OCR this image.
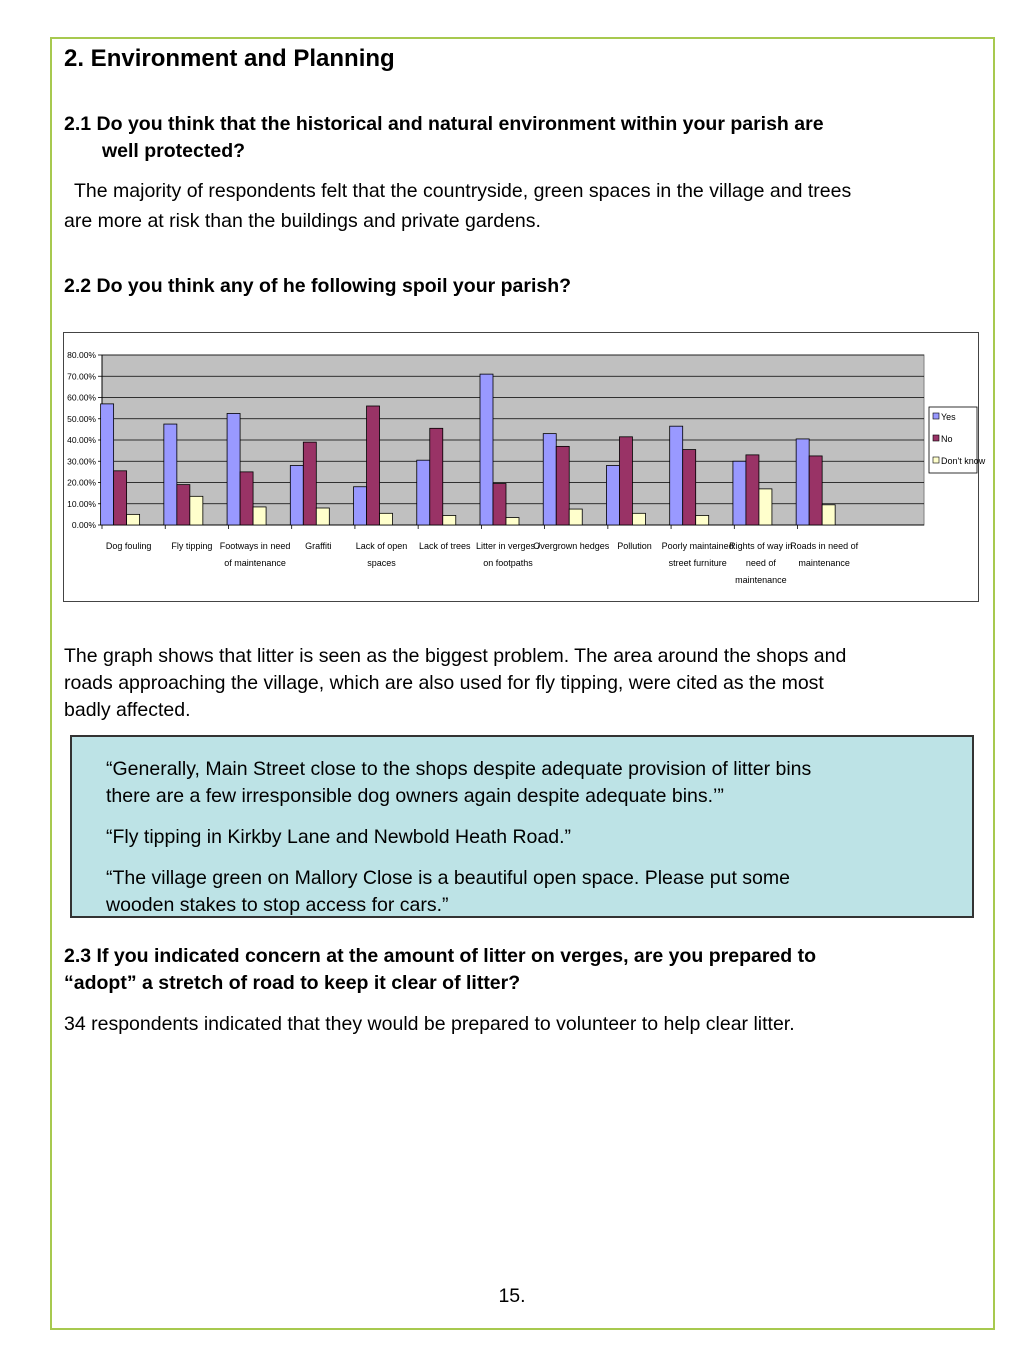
2. Environment and Planning
2.1 Do you think that the historical and natural environment within your parish are
well protected?
The majority of respondents felt that the countryside, green spaces in the village and trees
are more at risk than the buildings and private gardens.
2.2 Do you think any of he following spoil your parish?
0.00%
10.00%
20.00%
30.00%
40.00%
50.00%
60.00%
70.00%
80.00%
Dog fouling Fly tipping Footways in need
of maintenance
Graffiti	Lack of open
spaces
Lack of trees Litter in verges /
on footpaths
Overgrown hedges Pollution Poorly maintained
street furniture
Rights of way in
need of
maintenance
Roads in need of
maintenance
Yes
No
Don't know
The graph shows that litter is seen as the biggest problem. The area around the shops and
roads approaching the village, which are also used for fly tipping, were cited as the most
badly affected.
“Generally, Main Street close to the shops despite adequate provision of litter bins
there are a few irresponsible dog owners again despite adequate bins.’”
“Fly tipping in Kirkby Lane and Newbold Heath Road.”
“The village green on Mallory Close is a beautiful open space. Please put some
wooden stakes to stop access for cars.”
2.3 If you indicated concern at the amount of litter on verges, are you prepared to
“adopt” a stretch of road to keep it clear of litter?
34 respondents indicated that they would be prepared to volunteer to help clear litter.
15.
